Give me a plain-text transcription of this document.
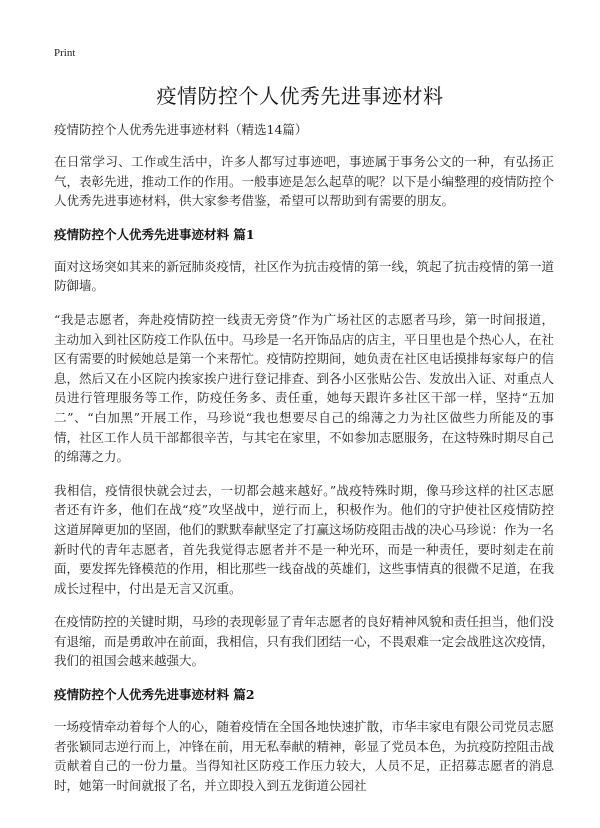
Print
疫情防控个人优秀先进事迹材料

疫情防控个人优秀先进事迹材料（精选14篇）

在日常学习、工作或生活中，许多人都写过事迹吧，事迹属于事务公文的一种，有弘扬正气，表彰先进，推动工作的作用。一般事迹是怎么起草的呢？以下是小编整理的疫情防控个人优秀先进事迹材料，供大家参考借鉴，希望可以帮助到有需要的朋友。

疫情防控个人优秀先进事迹材料 篇1

面对这场突如其来的新冠肺炎疫情，社区作为抗击疫情的第一线，筑起了抗击疫情的第一道防御墙。

“我是志愿者，奔赴疫情防控一线责无旁贷”作为广场社区的志愿者马珍，第一时间报道，主动加入到社区防疫工作队伍中。马珍是一名开饰品店的店主，平日里也是个热心人，在社区有需要的时候她总是第一个来帮忙。疫情防控期间，她负责在社区电话摸排每家每户的信息，然后又在小区院内挨家挨户进行登记排查、到各小区张贴公告、发放出入证、对重点人员进行管理服务等工作，防疫任务多、责任重，她每天跟许多社区干部一样，坚持“五加二”、“白加黑”开展工作，马珍说“我也想要尽自己的绵薄之力为社区做些力所能及的事情，社区工作人员干部都很辛苦，与其宅在家里，不如参加志愿服务，在这特殊时期尽自己的绵薄之力。

我相信，疫情很快就会过去，一切都会越来越好。”战疫特殊时期，像马珍这样的社区志愿者还有许多，他们在战“疫”攻坚战中，逆行而上，积极作为。他们的守护使社区疫情防控这道屏障更加的坚固，他们的默默奉献坚定了打赢这场防疫阻击战的决心马珍说：作为一名新时代的青年志愿者，首先我觉得志愿者并不是一种光环，而是一种责任，要时刻走在前面，要发挥先锋模范的作用，相比那些一线奋战的英雄们，这些事情真的很微不足道，在我成长过程中，付出是无言又沉重。

在疫情防控的关键时期，马珍的表现彰显了青年志愿者的良好精神风貌和责任担当，他们没有退缩，而是勇敢冲在前面，我相信，只有我们团结一心，不畏艰难一定会战胜这次疫情，我们的祖国会越来越强大。

疫情防控个人优秀先进事迹材料 篇2

一场疫情牵动着每个人的心，随着疫情在全国各地快速扩散，市华丰家电有限公司党员志愿者张颖同志逆行而上，冲锋在前，用无私奉献的精神，彰显了党员本色，为抗疫防控阻击战贡献着自己的一份力量。当得知社区防疫工作压力较大，人员不足，正招募志愿者的消息时，她第一时间就报了名，并立即投入到五龙街道公园社
